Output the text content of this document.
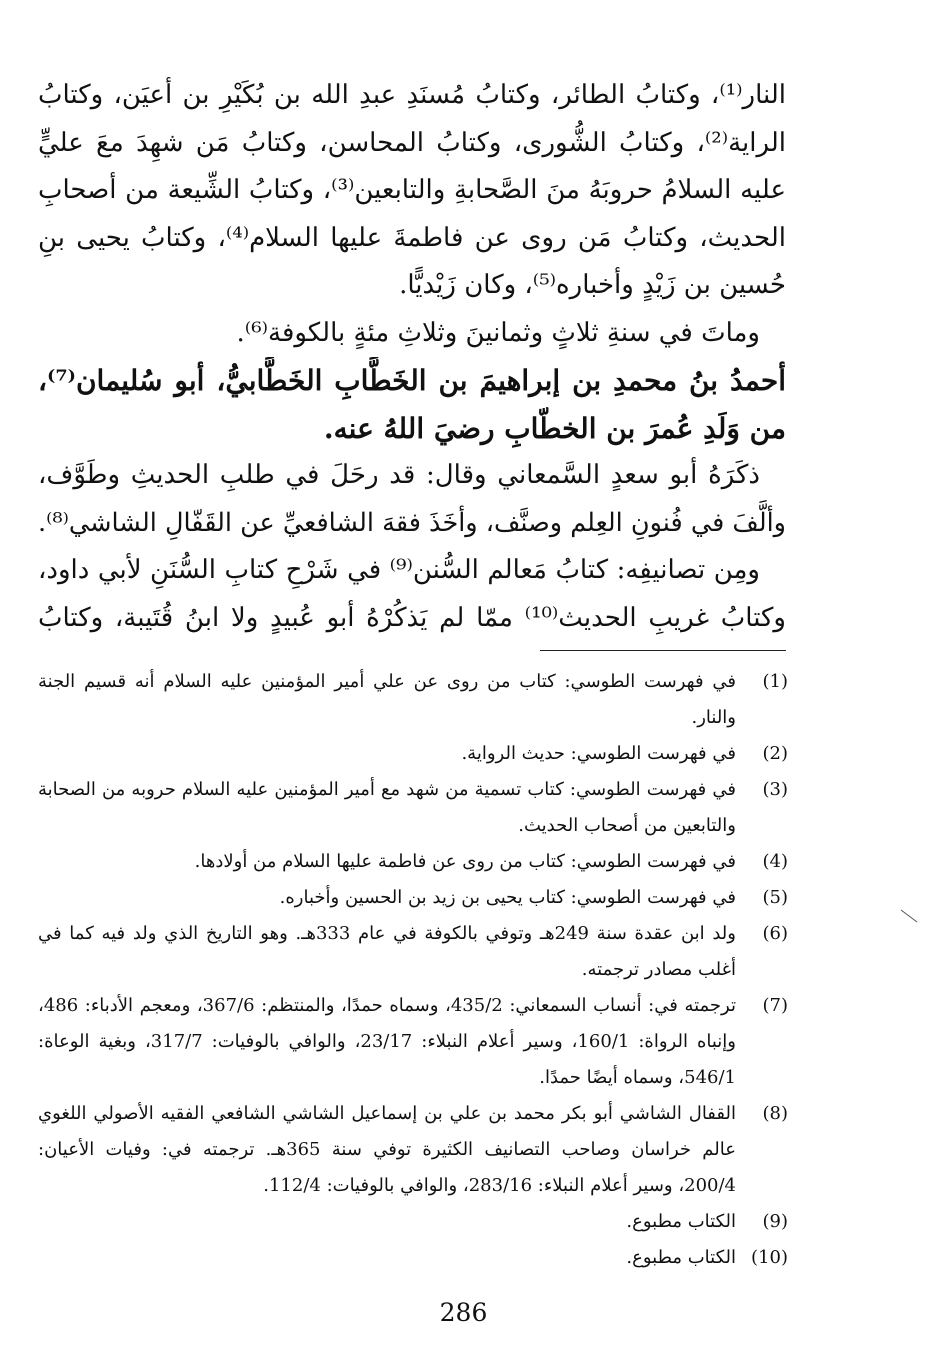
النار⁽¹⁾، وكتابُ الطائر، وكتابُ مُسنَدِ عبدِ الله بن بُكَيْرِ بن أعيَن، وكتابُ
الراية⁽²⁾، وكتابُ الشُّورى، وكتابُ المحاسن، وكتابُ مَن شهِدَ معَ عليٍّ
عليه السلامُ حروبَهُ منَ الصَّحابةِ والتابعين⁽³⁾، وكتابُ الشِّيعة من أصحابِ
الحديث، وكتابُ مَن روى عن فاطمةَ عليها السلام⁽⁴⁾، وكتابُ يحيى بنِ
حُسين بن زَيْدٍ وأخباره⁽⁵⁾، وكان زَيْديًّا.
وماتَ في سنةِ ثلاثٍ وثمانينَ وثلاثِ مئةٍ بالكوفة⁽⁶⁾.
أحمدُ بنُ محمدِ بن إبراهيمَ بن الخَطَّابِ الخَطَّابيُّ، أبو سُليمان⁽⁷⁾،
من وَلَدِ عُمرَ بن الخطّابِ رضيَ اللهُ عنه.
ذكَرَهُ أبو سعدٍ السَّمعاني وقال: قد رحَلَ في طلبِ الحديثِ وطَوَّف،
وألَّفَ في فُنونِ العِلم وصنَّف، وأخَذَ فقهَ الشافعيِّ عن القَفّالِ الشاشي⁽⁸⁾.
ومِن تصانيفِه: كتابُ مَعالم السُّنن⁽⁹⁾ في شَرْحِ كتابِ السُّنَنِ لأبي داود،
وكتابُ غريبِ الحديث⁽¹⁰⁾ ممّا لم يَذكُرْهُ أبو عُبيدٍ ولا ابنُ قُتَيبة، وكتابُ
(1)
في فهرست الطوسي: كتاب من روى عن علي أمير المؤمنين عليه السلام أنه قسيم الجنة والنار.
(2)
في فهرست الطوسي: حديث الرواية.
(3)
في فهرست الطوسي: كتاب تسمية من شهد مع أمير المؤمنين عليه السلام حروبه من الصحابة والتابعين من أصحاب الحديث.
(4)
في فهرست الطوسي: كتاب من روى عن فاطمة عليها السلام من أولادها.
(5)
في فهرست الطوسي: كتاب يحيى بن زيد بن الحسين وأخباره.
(6)
ولد ابن عقدة سنة 249هـ وتوفي بالكوفة في عام 333هـ. وهو التاريخ الذي ولد فيه كما في أغلب مصادر ترجمته.
(7)
ترجمته في: أنساب السمعاني: 435/2، وسماه حمدًا، والمنتظم: 367/6، ومعجم الأدباء: 486، وإنباه الرواة: 160/1، وسير أعلام النبلاء: 23/17، والوافي بالوفيات: 317/7، وبغية الوعاة: 546/1، وسماه أيضًا حمدًا.
(8)
القفال الشاشي أبو بكر محمد بن علي بن إسماعيل الشاشي الشافعي الفقيه الأصولي اللغوي عالم خراسان وصاحب التصانيف الكثيرة توفي سنة 365هـ. ترجمته في: وفيات الأعيان: 200/4، وسير أعلام النبلاء: 283/16، والوافي بالوفيات: 112/4.
(9)
الكتاب مطبوع.
(10)
الكتاب مطبوع.
286
